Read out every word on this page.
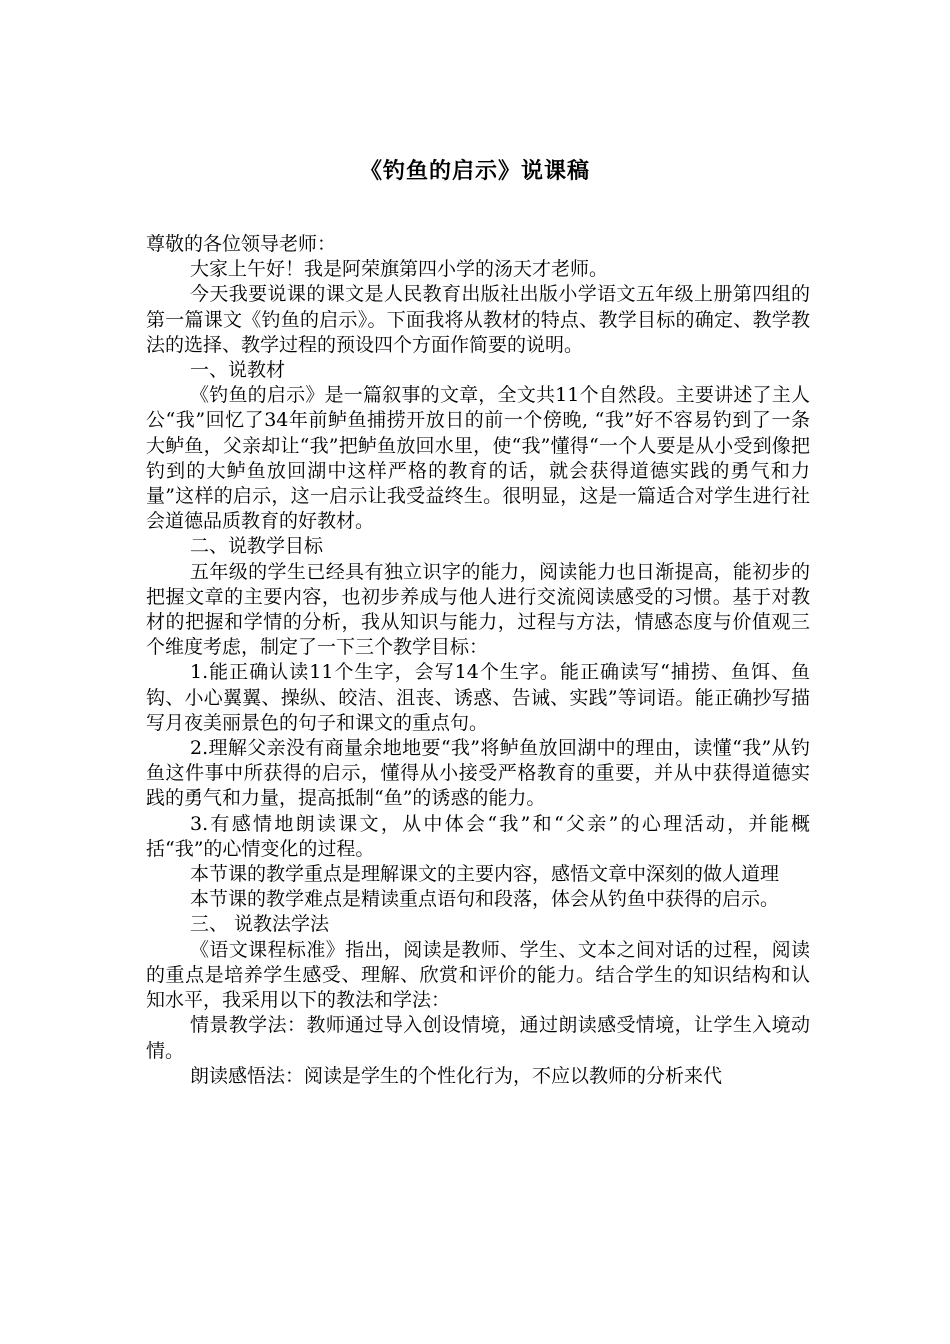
《钓鱼的启示》说课稿

尊敬的各位领导老师：

大家上午好！我是阿荣旗第四小学的汤天才老师。

今天我要说课的课文是人民教育出版社出版小学语文五年级上册第四组的第一篇课文《钓鱼的启示》。下面我将从教材的特点、教学目标的确定、教学教法的选择、教学过程的预设四个方面作简要的说明。

一、说教材

《钓鱼的启示》是一篇叙事的文章，全文共11个自然段。主要讲述了主人公“我”回忆了34年前鲈鱼捕捞开放日的前一个傍晚, “我”好不容易钓到了一条大鲈鱼，父亲却让“我”把鲈鱼放回水里，使“我”懂得“一个人要是从小受到像把钓到的大鲈鱼放回湖中这样严格的教育的话，就会获得道德实践的勇气和力量”这样的启示，这一启示让我受益终生。很明显，这是一篇适合对学生进行社会道德品质教育的好教材。

二、说教学目标

五年级的学生已经具有独立识字的能力，阅读能力也日渐提高，能初步的把握文章的主要内容，也初步养成与他人进行交流阅读感受的习惯。基于对教材的把握和学情的分析，我从知识与能力，过程与方法，情感态度与价值观三个维度考虑，制定了一下三个教学目标：

1.能正确认读11个生字，会写14个生字。能正确读写“捕捞、鱼饵、鱼钩、小心翼翼、操纵、皎洁、沮丧、诱惑、告诫、实践”等词语。能正确抄写描写月夜美丽景色的句子和课文的重点句。

2.理解父亲没有商量余地地要“我”将鲈鱼放回湖中的理由，读懂“我”从钓鱼这件事中所获得的启示，懂得从小接受严格教育的重要，并从中获得道德实践的勇气和力量，提高抵制“鱼”的诱惑的能力。

3.有感情地朗读课文，从中体会“我”和“父亲”的心理活动，并能概括“我”的心情变化的过程。

本节课的教学重点是理解课文的主要内容，感悟文章中深刻的做人道理

本节课的教学难点是精读重点语句和段落，体会从钓鱼中获得的启示。

三、 说教法学法

《语文课程标准》指出，阅读是教师、学生、文本之间对话的过程，阅读的重点是培养学生感受、理解、欣赏和评价的能力。结合学生的知识结构和认知水平，我采用以下的教法和学法：

情景教学法：教师通过导入创设情境，通过朗读感受情境，让学生入境动情。

朗读感悟法：阅读是学生的个性化行为，不应以教师的分析来代
